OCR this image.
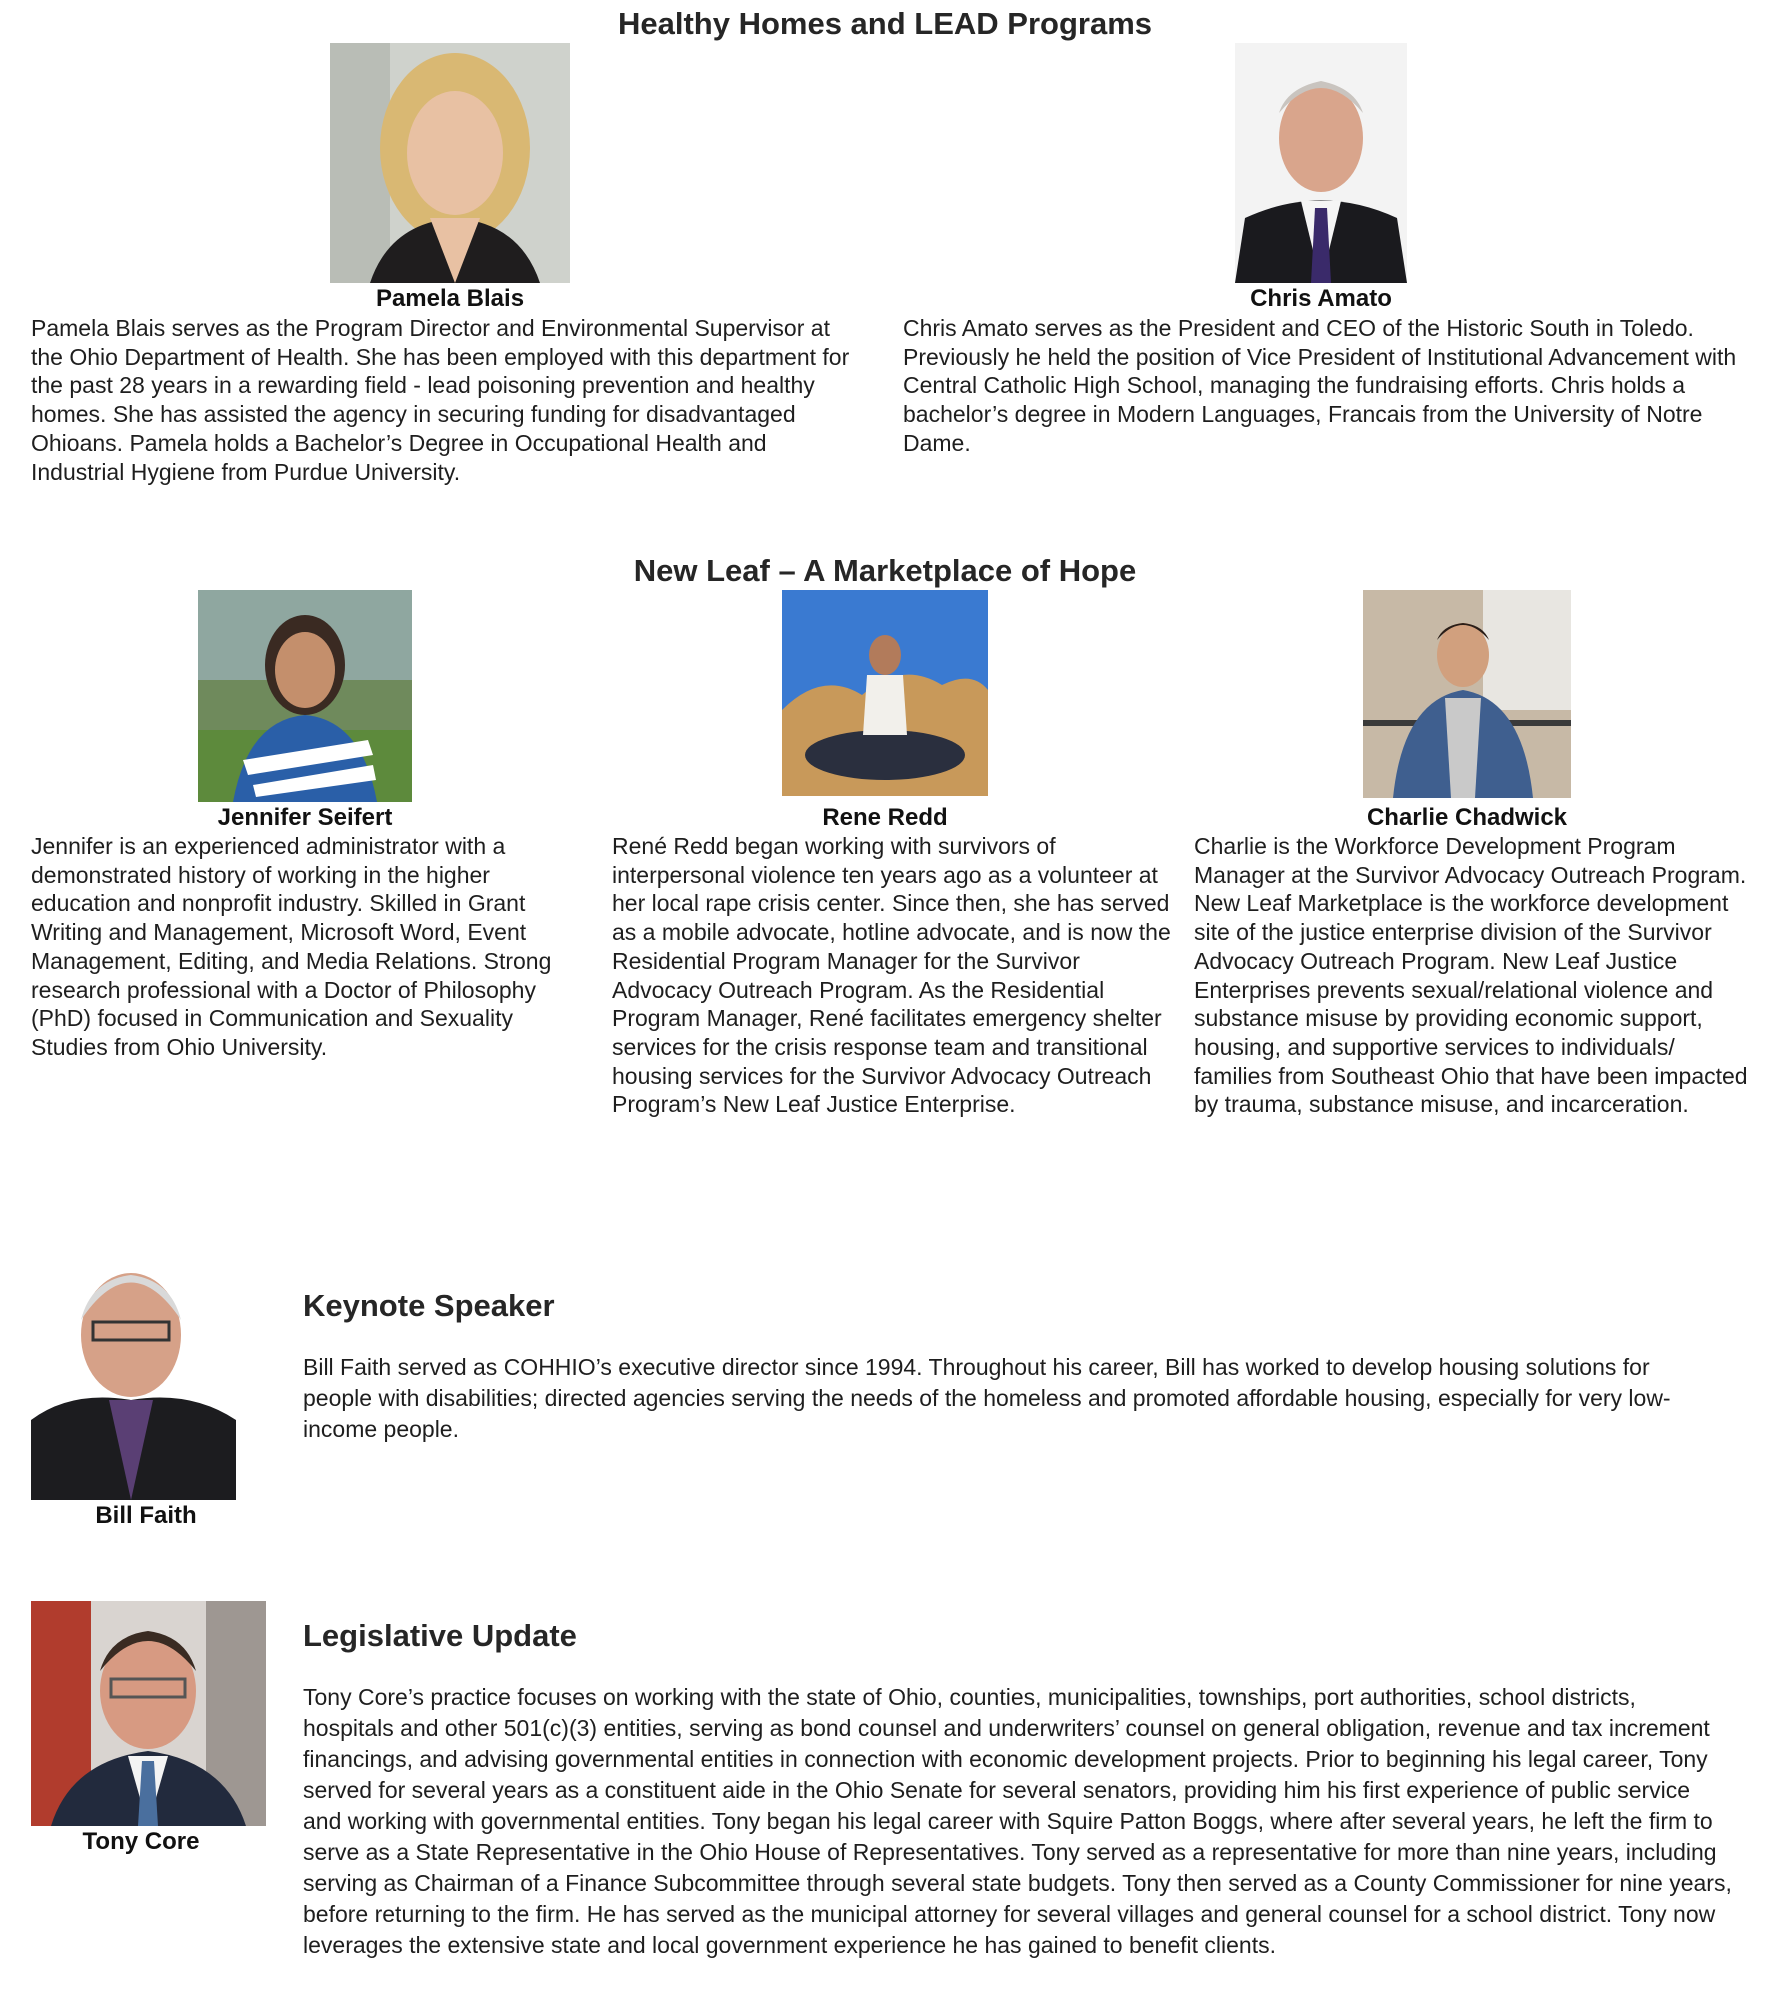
Healthy Homes and LEAD Programs
Pamela Blais

Pamela Blais serves as the Program Director and Environmental Supervisor at the Ohio Department of Health. She has been employed with this department for the past 28 years in a rewarding field - lead poisoning prevention and healthy homes. She has assisted the agency in securing funding for disadvantaged Ohioans. Pamela holds a Bachelor’s Degree in Occupational Health and Industrial Hygiene from Purdue University.

Chris Amato

Chris Amato serves as the President and CEO of the Historic South in Toledo. Previously he held the position of Vice President of Institutional Advancement with Central Catholic High School, managing the fundraising efforts. Chris holds a bachelor’s degree in Modern Languages, Francais from the University of Notre Dame.

New Leaf – A Marketplace of Hope
Jennifer Seifert

Jennifer is an experienced administrator with a demonstrated history of working in the higher education and nonprofit industry. Skilled in Grant Writing and Management, Microsoft Word, Event Management, Editing, and Media Relations. Strong research professional with a Doctor of Philosophy (PhD) focused in Communication and Sexuality Studies from Ohio University.

Rene Redd

René Redd began working with survivors of interpersonal violence ten years ago as a volunteer at her local rape crisis center. Since then, she has served as a mobile advocate, hotline advocate, and is now the Residential Program Manager for the Survivor Advocacy Outreach Program. As the Residential Program Manager, René facilitates emergency shelter services for the crisis response team and transitional housing services for the Survivor Advocacy Outreach Program’s New Leaf Justice Enterprise.

Charlie Chadwick

Charlie is the Workforce Development Program Manager at the Survivor Advocacy Outreach Program. New Leaf Marketplace is the workforce development site of the justice enterprise division of the Survivor Advocacy Outreach Program. New Leaf Justice Enterprises prevents sexual/relational violence and substance misuse by providing economic support, housing, and supportive services to individuals/ families from Southeast Ohio that have been impacted by trauma, substance misuse, and incarceration.

Keynote Speaker

Bill Faith served as COHHIO’s executive director since 1994. Throughout his career, Bill has worked to develop housing solutions for people with disabilities; directed agencies serving the needs of the homeless and promoted affordable housing, especially for very low-income people.

Bill Faith
Tony Core
Legislative Update

Tony Core’s practice focuses on working with the state of Ohio, counties, municipalities, townships, port authorities, school districts, hospitals and other 501(c)(3) entities, serving as bond counsel and underwriters’ counsel on general obligation, revenue and tax increment financings, and advising governmental entities in connection with economic development projects. Prior to beginning his legal career, Tony served for several years as a constituent aide in the Ohio Senate for several senators, providing him his first experience of public service and working with governmental entities. Tony began his legal career with Squire Patton Boggs, where after several years, he left the firm to serve as a State Representative in the Ohio House of Representatives. Tony served as a representative for more than nine years, including serving as Chairman of a Finance Subcommittee through several state budgets. Tony then served as a County Commissioner for nine years, before returning to the firm. He has served as the municipal attorney for several villages and general counsel for a school district. Tony now leverages the extensive state and local government experience he has gained to benefit clients.
